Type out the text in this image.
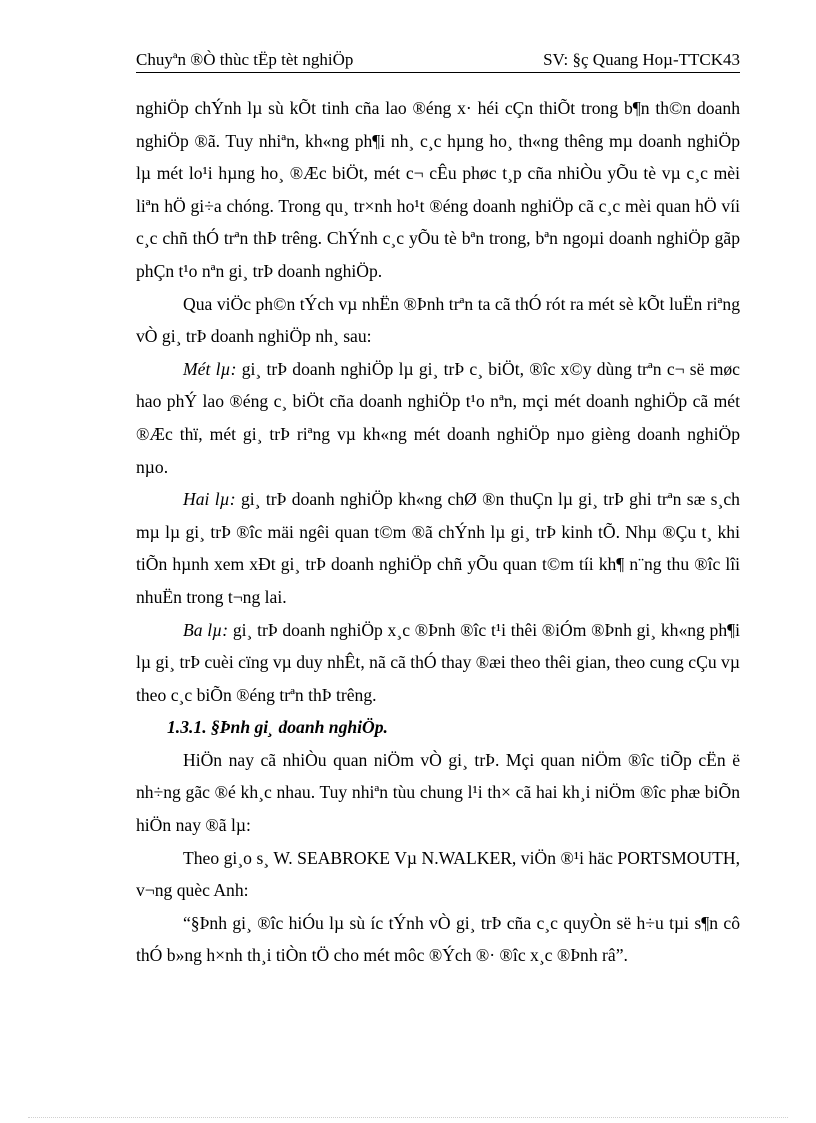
Chuyªn ®Ò thùc tËp tèt nghiÖp	SV: §ç Quang Hoµ-TTCK43

nghiÖp chÝnh lµ sù kÕt tinh cña lao ®éng x· héi cÇn thiÕt trong b¶n th©n doanh nghiÖp ®ã. Tuy nhiªn, kh«ng ph¶i nh¸ c¸c hµng ho¸ th«ng thêng mµ doanh nghiÖp lµ mét lo¹i hµng ho¸ ®Æc biÖt, mét c¬ cÊu phøc t¸p cña nhiÒu yÕu tè vµ c¸c mèi liªn hÖ gi÷a chóng. Trong qu¸ tr×nh ho¹t ®éng doanh nghiÖp cã c¸c mèi quan hÖ víi c¸c chñ thÓ trªn thÞ trêng. ChÝnh c¸c yÕu tè bªn trong, bªn ngoµi doanh nghiÖp gãp phÇn t¹o nªn gi¸ trÞ doanh nghiÖp.

Qua viÖc ph©n tÝch vµ nhËn ®Þnh trªn ta cã thÓ rót ra mét sè kÕt luËn riªng vÒ gi¸ trÞ doanh nghiÖp nh¸ sau:

Mét lµ: gi¸ trÞ doanh nghiÖp lµ gi¸ trÞ c¸ biÖt, ®îc x©y dùng trªn c¬ së møc hao phÝ lao ®éng c¸ biÖt cña doanh nghiÖp t¹o nªn, mçi mét doanh nghiÖp cã mét ®Æc thï, mét gi¸ trÞ riªng vµ kh«ng mét doanh nghiÖp nµo gièng doanh nghiÖp nµo.

Hai lµ: gi¸ trÞ doanh nghiÖp kh«ng chØ ®n thuÇn lµ gi¸ trÞ ghi trªn sæ s¸ch mµ lµ gi¸ trÞ ®îc mäi ngêi quan t©m ®ã chÝnh lµ gi¸ trÞ kinh tÕ. Nhµ ®Çu t¸ khi tiÕn hµnh xem xÐt gi¸ trÞ doanh nghiÖp chñ yÕu quan t©m tíi kh¶ n¨ng thu ®îc lîi nhuËn trong t¬ng lai.

Ba lµ: gi¸ trÞ doanh nghiÖp x¸c ®Þnh ®îc t¹i thêi ®iÓm ®Þnh gi¸ kh«ng ph¶i lµ gi¸ trÞ cuèi cïng vµ duy nhÊt, nã cã thÓ thay ®æi theo thêi gian, theo cung cÇu vµ theo c¸c biÕn ®éng trªn thÞ trêng.

1.3.1. §Þnh gi¸ doanh nghiÖp.

HiÖn nay cã nhiÒu quan niÖm vÒ gi¸ trÞ. Mçi quan niÖm ®îc tiÕp cËn ë nh÷ng gãc ®é kh¸c nhau. Tuy nhiªn tùu chung l¹i th× cã hai kh¸i niÖm ®îc phæ biÕn hiÖn nay ®ã lµ:

Theo gi¸o s¸ W. SEABROKE Vµ N.WALKER, viÖn ®¹i häc PORTSMOUTH, v¬ng quèc Anh:

“§Þnh gi¸ ®îc hiÓu lµ sù íc tÝnh vÒ gi¸ trÞ cña c¸c quyÒn së h÷u tµi s¶n cô thÓ b»ng h×nh th¸i tiÒn tÖ cho mét môc ®Ých ®· ®îc x¸c ®Þnh râ”.
